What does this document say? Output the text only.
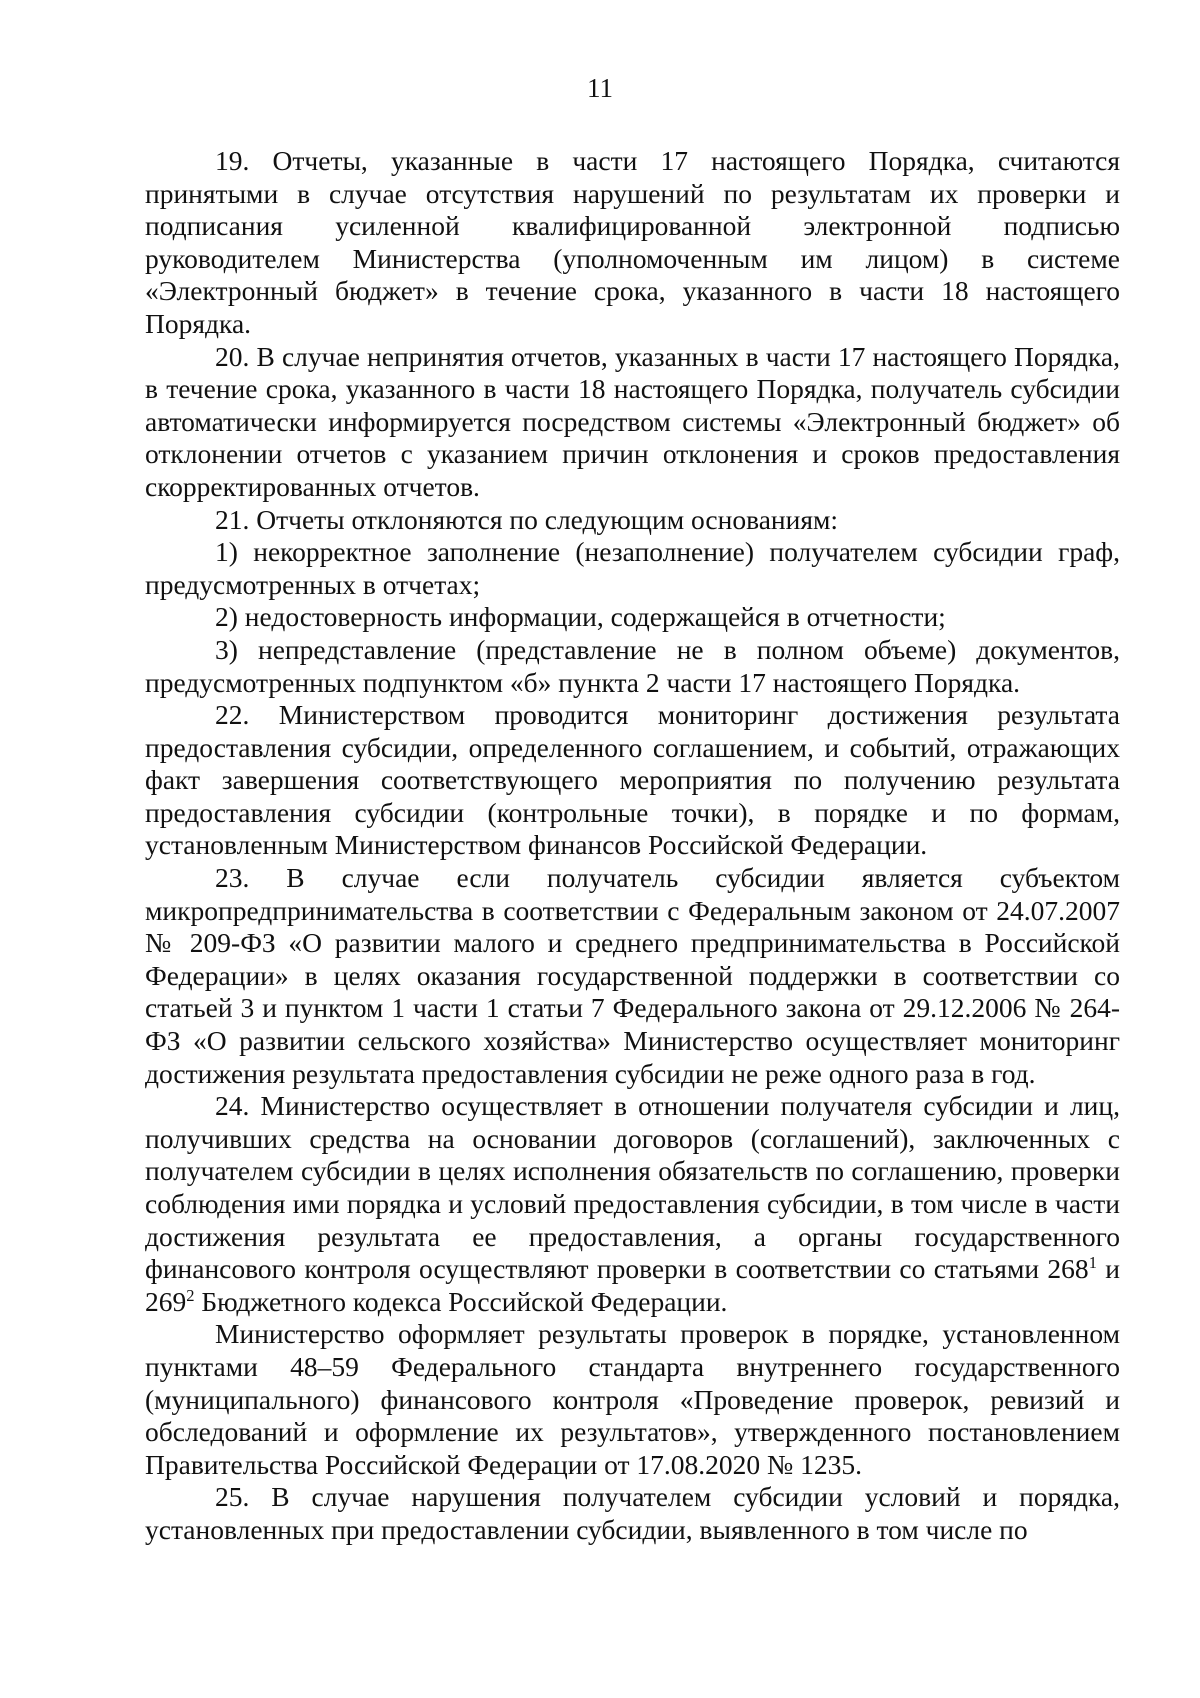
11

19. Отчеты, указанные в части 17 настоящего Порядка, считаются принятыми в случае отсутствия нарушений по результатам их проверки и подписания усиленной квалифицированной электронной подписью руководителем Министерства (уполномоченным им лицом) в системе «Электронный бюджет» в течение срока, указанного в части 18 настоящего Порядка.

20. В случае непринятия отчетов, указанных в части 17 настоящего Порядка, в течение срока, указанного в части 18 настоящего Порядка, получатель субсидии автоматически информируется посредством системы «Электронный бюджет» об отклонении отчетов с указанием причин отклонения и сроков предоставления скорректированных отчетов.

21. Отчеты отклоняются по следующим основаниям:

1) некорректное заполнение (незаполнение) получателем субсидии граф, предусмотренных в отчетах;

2) недостоверность информации, содержащейся в отчетности;

3) непредставление (представление не в полном объеме) документов, предусмотренных подпунктом «б» пункта 2 части 17 настоящего Порядка.

22. Министерством проводится мониторинг достижения результата предоставления субсидии, определенного соглашением, и событий, отражающих факт завершения соответствующего мероприятия по получению результата предоставления субсидии (контрольные точки), в порядке и по формам, установленным Министерством финансов Российской Федерации.

23. В случае если получатель субсидии является субъектом микропредпринимательства в соответствии с Федеральным законом от 24.07.2007 № 209-ФЗ «О развитии малого и среднего предпринимательства в Российской Федерации» в целях оказания государственной поддержки в соответствии со статьей 3 и пунктом 1 части 1 статьи 7 Федерального закона от 29.12.2006 № 264-ФЗ «О развитии сельского хозяйства» Министерство осуществляет мониторинг достижения результата предоставления субсидии не реже одного раза в год.

24. Министерство осуществляет в отношении получателя субсидии и лиц, получивших средства на основании договоров (соглашений), заключенных с получателем субсидии в целях исполнения обязательств по соглашению, проверки соблюдения ими порядка и условий предоставления субсидии, в том числе в части достижения результата ее предоставления, а органы государственного финансового контроля осуществляют проверки в соответствии со статьями $268^1$ и $269^2$ Бюджетного кодекса Российской Федерации.

Министерство оформляет результаты проверок в порядке, установленном пунктами 48–59 Федерального стандарта внутреннего государственного (муниципального) финансового контроля «Проведение проверок, ревизий и обследований и оформление их результатов», утвержденного постановлением Правительства Российской Федерации от 17.08.2020 № 1235.

25. В случае нарушения получателем субсидии условий и порядка, установленных при предоставлении субсидии, выявленного в том числе по
